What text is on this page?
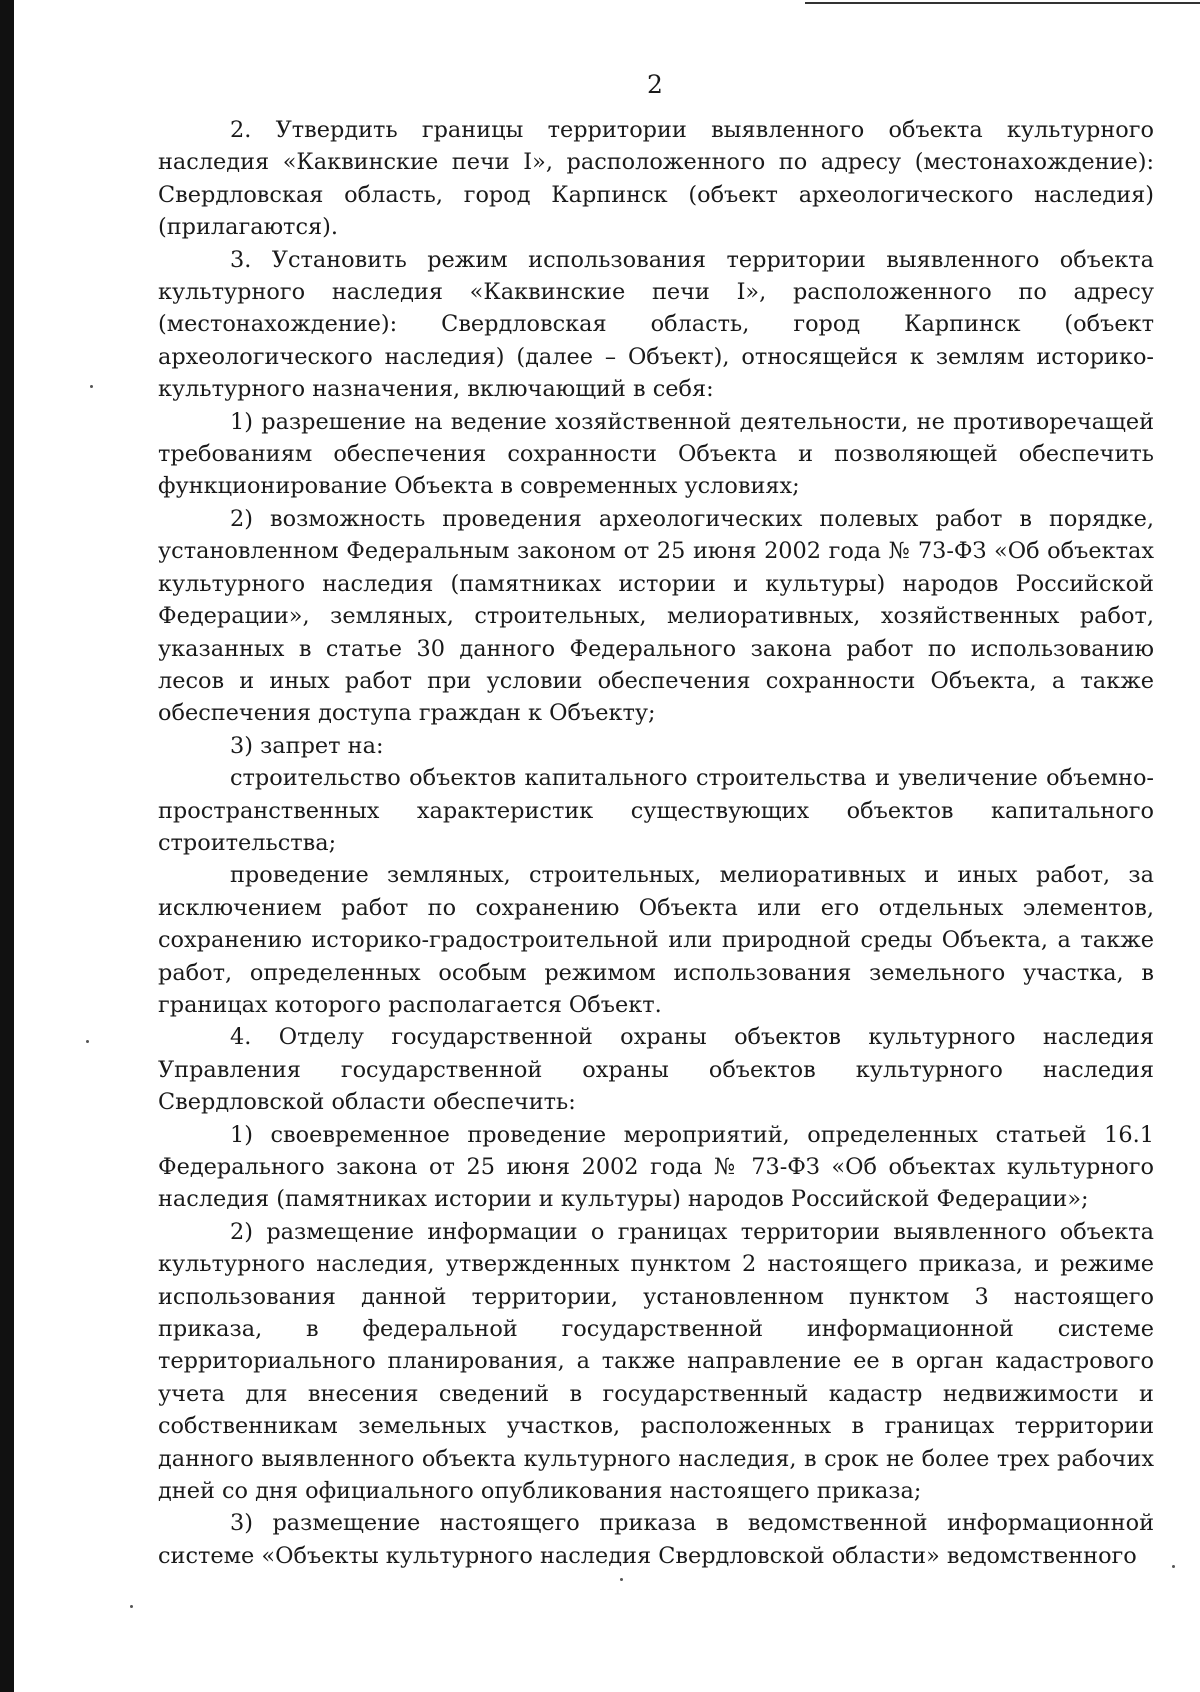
2

2. Утвердить границы территории выявленного объекта культурного наследия «Каквинские печи I», расположенного по адресу (местонахождение): Свердловская область, город Карпинск (объект археологического наследия) (прилагаются).

3. Установить режим использования территории выявленного объекта культурного наследия «Каквинские печи I», расположенного по адресу (местонахождение): Свердловская область, город Карпинск (объект археологического наследия) (далее – Объект), относящейся к землям историко-культурного назначения, включающий в себя:

1) разрешение на ведение хозяйственной деятельности, не противоречащей требованиям обеспечения сохранности Объекта и позволяющей обеспечить функционирование Объекта в современных условиях;

2) возможность проведения археологических полевых работ в порядке, установленном Федеральным законом от 25 июня 2002 года № 73-ФЗ «Об объектах культурного наследия (памятниках истории и культуры) народов Российской Федерации», земляных, строительных, мелиоративных, хозяйственных работ, указанных в статье 30 данного Федерального закона работ по использованию лесов и иных работ при условии обеспечения сохранности Объекта, а также обеспечения доступа граждан к Объекту;

3) запрет на:

строительство объектов капитального строительства и увеличение объемно-пространственных характеристик существующих объектов капитального строительства;

проведение земляных, строительных, мелиоративных и иных работ, за исключением работ по сохранению Объекта или его отдельных элементов, сохранению историко-градостроительной или природной среды Объекта, а также работ, определенных особым режимом использования земельного участка, в границах которого располагается Объект.

4. Отделу государственной охраны объектов культурного наследия Управления государственной охраны объектов культурного наследия Свердловской области обеспечить:

1) своевременное проведение мероприятий, определенных статьей 16.1 Федерального закона от 25 июня 2002 года № 73-ФЗ «Об объектах культурного наследия (памятниках истории и культуры) народов Российской Федерации»;

2) размещение информации о границах территории выявленного объекта культурного наследия, утвержденных пунктом 2 настоящего приказа, и режиме использования данной территории, установленном пунктом 3 настоящего приказа, в федеральной государственной информационной системе территориального планирования, а также направление ее в орган кадастрового учета для внесения сведений в государственный кадастр недвижимости и собственникам земельных участков, расположенных в границах территории данного выявленного объекта культурного наследия, в срок не более трех рабочих дней со дня официального опубликования настоящего приказа;

3) размещение настоящего приказа в ведомственной информационной системе «Объекты культурного наследия Свердловской области» ведомственного
